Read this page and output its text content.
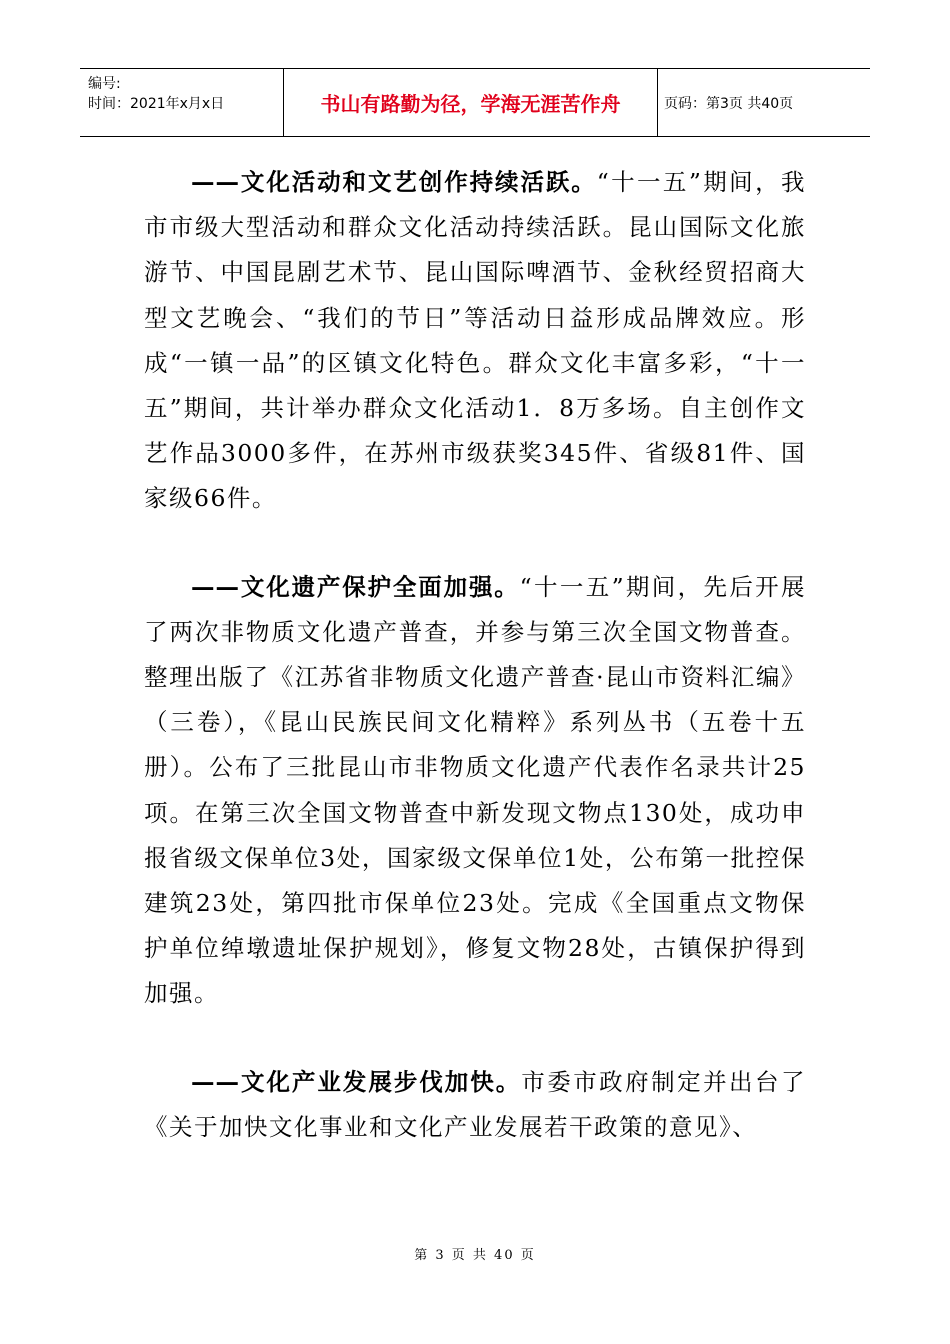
编号:
时间：2021年x月x日	书山有路勤为径，学海无涯苦作舟	页码：第3页 共40页

——文化活动和文艺创作持续活跃。“十一五”期间，我市市级大型活动和群众文化活动持续活跃。昆山国际文化旅游节、中国昆剧艺术节、昆山国际啤酒节、金秋经贸招商大型文艺晚会、“我们的节日”等活动日益形成品牌效应。形成“一镇一品”的区镇文化特色。群众文化丰富多彩，“十一五”期间，共计举办群众文化活动1．8万多场。自主创作文艺作品3000多件，在苏州市级获奖345件、省级81件、国家级66件。

——文化遗产保护全面加强。“十一五”期间，先后开展了两次非物质文化遗产普查，并参与第三次全国文物普查。整理出版了《江苏省非物质文化遗产普查·昆山市资料汇编》（三卷），《昆山民族民间文化精粹》系列丛书（五卷十五册）。公布了三批昆山市非物质文化遗产代表作名录共计25项。在第三次全国文物普查中新发现文物点130处，成功申报省级文保单位3处，国家级文保单位1处，公布第一批控保建筑23处，第四批市保单位23处。完成《全国重点文物保护单位绰墩遗址保护规划》，修复文物28处，古镇保护得到加强。

——文化产业发展步伐加快。市委市政府制定并出台了《关于加快文化事业和文化产业发展若干政策的意见》、

第 3 页 共 40 页
